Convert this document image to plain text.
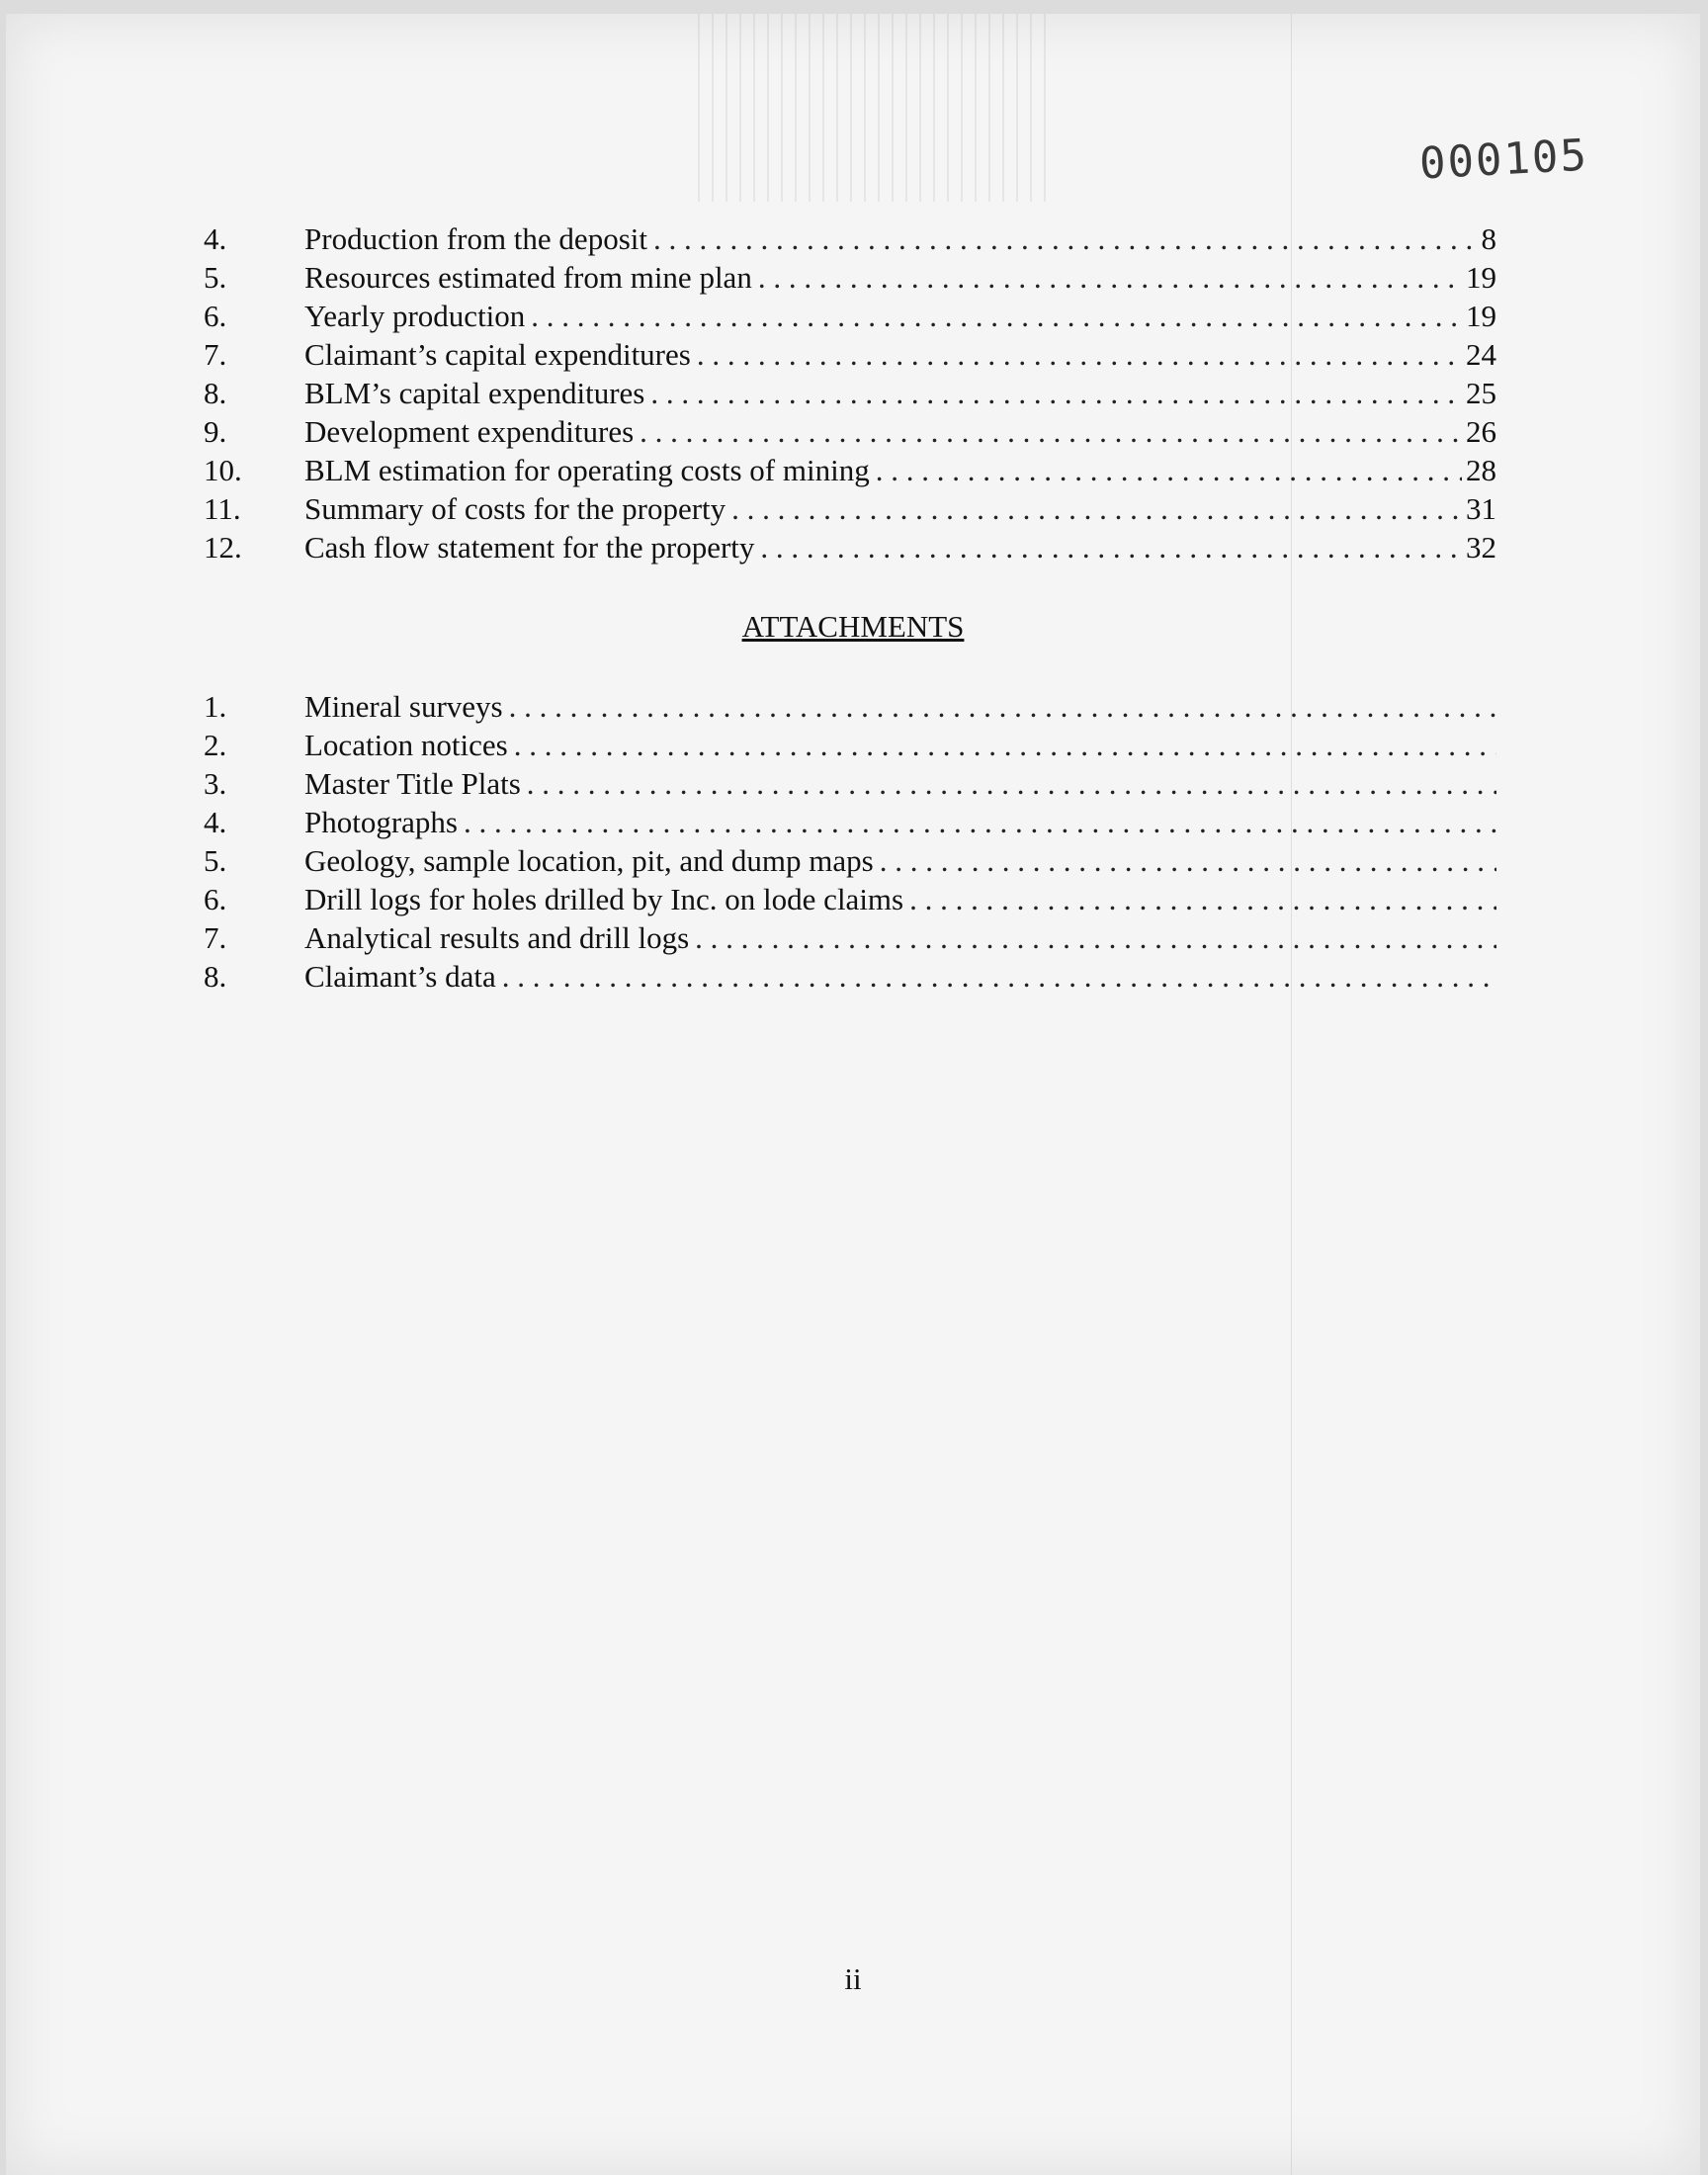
000105
4.	Production from the deposit . . .	8
5.	Resources estimated from mine plan . . .	19
6.	Yearly production . . .	19
7.	Claimant’s capital expenditures . . .	24
8.	BLM’s capital expenditures . . .	25
9.	Development expenditures . . .	26
10.	BLM estimation for operating costs of mining . . .	28
11.	Summary of costs for the property . . .	31
12.	Cash flow statement for the property . . .	32
ATTACHMENTS
1.	Mineral surveys
. . .
2.	Location notices
. . .
3.	Master Title Plats
. . .
4.	Photographs
. . .
5.	Geology, sample location, pit, and dump maps
. . .
6.	Drill logs for holes drilled by Inc. on lode claims
. . .
7.	Analytical results and drill logs
. . .
8.	Claimant’s data
. . .
ii
